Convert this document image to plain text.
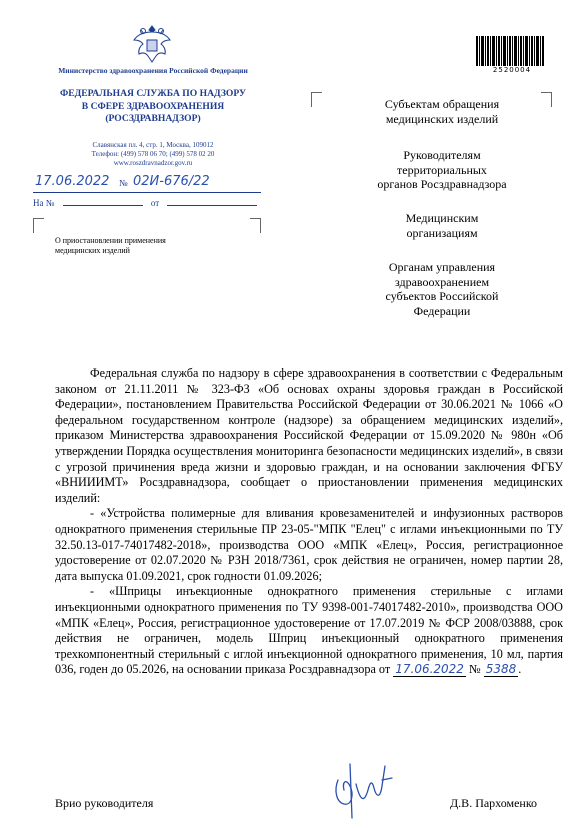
Министерство здравоохранения Российской Федерации
ФЕДЕРАЛЬНАЯ СЛУЖБА ПО НАДЗОРУ
В СФЕРЕ ЗДРАВООХРАНЕНИЯ
(РОСЗДРАВНАДЗОР)
Славянская пл. 4, стр. 1, Москва, 109012
Телефон: (499) 578 06 70; (499) 578 02 20
www.roszdravnadzor.gov.ru
17.06.2022 № 02И-676/22
На №	от
О приостановлении применения
медицинских изделий
2520004
Субъектам обращения
медицинских изделий
Руководителям
территориальных
органов Росздравнадзора
Медицинским
организациям
Органам управления
здравоохранением
субъектов Российской
Федерации

Федеральная служба по надзору в сфере здравоохранения в соответствии с Федеральным законом от 21.11.2011 № 323-ФЗ «Об основах охраны здоровья граждан в Российской Федерации», постановлением Правительства Российской Федерации от 30.06.2021 № 1066 «О федеральном государственном контроле (надзоре) за обращением медицинских изделий», приказом Министерства здравоохранения Российской Федерации от 15.09.2020 № 980н «Об утверждении Порядка осуществления мониторинга безопасности медицинских изделий», в связи с угрозой причинения вреда жизни и здоровью граждан, и на основании заключения ФГБУ «ВНИИИМТ» Росздравнадзора, сообщает о приостановлении применения медицинских изделий:

- «Устройства полимерные для вливания кровезаменителей и инфузионных растворов однократного применения стерильные ПР 23-05-"МПК "Елец" с иглами инъекционными по ТУ 32.50.13-017-74017482-2018», производства ООО «МПК «Елец», Россия, регистрационное удостоверение от 02.07.2020 № РЗН 2018/7361, срок действия не ограничен, номер партии 28, дата выпуска 01.09.2021, срок годности 01.09.2026;

- «Шприцы инъекционные однократного применения стерильные с иглами инъекционными однократного применения по ТУ 9398-001-74017482-2010», производства ООО «МПК «Елец», Россия, регистрационное удостоверение от 17.07.2019 № ФСР 2008/03888, срок действия не ограничен, модель Шприц инъекционный однократного применения трехкомпонентный стерильный с иглой инъекционной однократного применения, 10 мл, партия 036, годен до 05.2026, на основании приказа Росздравнадзора от 17.06.2022 № 5388 .

Врио руководителя	Д.В. Пархоменко
